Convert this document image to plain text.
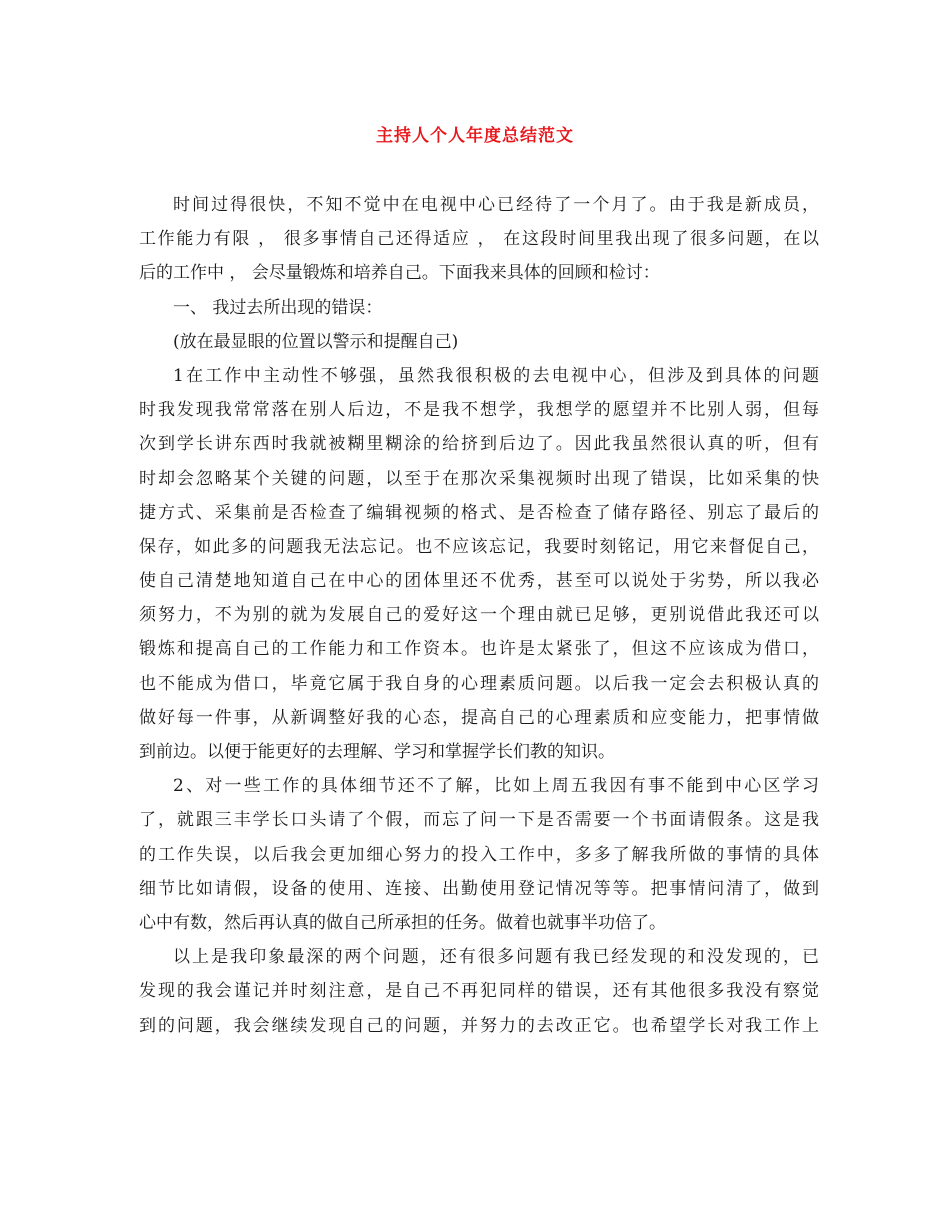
主持人个人年度总结范文
时间过得很快，不知不觉中在电视中心已经待了一个月了。由于我是新成员，
工作能力有限 ， 很多事情自己还得适应 ， 在这段时间里我出现了很多问题，在以
后的工作中 ， 会尽量锻炼和培养自己。下面我来具体的回顾和检讨：
一、 我过去所出现的错误：
(放在最显眼的位置以警示和提醒自己)
1在工作中主动性不够强，虽然我很积极的去电视中心，但涉及到具体的问题
时我发现我常常落在别人后边，不是我不想学，我想学的愿望并不比别人弱，但每
次到学长讲东西时我就被糊里糊涂的给挤到后边了。因此我虽然很认真的听，但有
时却会忽略某个关键的问题，以至于在那次采集视频时出现了错误，比如采集的快
捷方式、采集前是否检查了编辑视频的格式、是否检查了储存路径、别忘了最后的
保存，如此多的问题我无法忘记。也不应该忘记，我要时刻铭记，用它来督促自己，
使自己清楚地知道自己在中心的团体里还不优秀，甚至可以说处于劣势，所以我必
须努力，不为别的就为发展自己的爱好这一个理由就已足够，更别说借此我还可以
锻炼和提高自己的工作能力和工作资本。也许是太紧张了，但这不应该成为借口，
也不能成为借口，毕竟它属于我自身的心理素质问题。以后我一定会去积极认真的
做好每一件事，从新调整好我的心态，提高自己的心理素质和应变能力，把事情做
到前边。以便于能更好的去理解、学习和掌握学长们教的知识。
2、对一些工作的具体细节还不了解，比如上周五我因有事不能到中心区学习
了，就跟三丰学长口头请了个假，而忘了问一下是否需要一个书面请假条。这是我
的工作失误，以后我会更加细心努力的投入工作中，多多了解我所做的事情的具体
细节比如请假，设备的使用、连接、出勤使用登记情况等等。把事情问清了，做到
心中有数，然后再认真的做自己所承担的任务。做着也就事半功倍了。
以上是我印象最深的两个问题，还有很多问题有我已经发现的和没发现的，已
发现的我会谨记并时刻注意，是自己不再犯同样的错误，还有其他很多我没有察觉
到的问题，我会继续发现自己的问题，并努力的去改正它。也希望学长对我工作上
